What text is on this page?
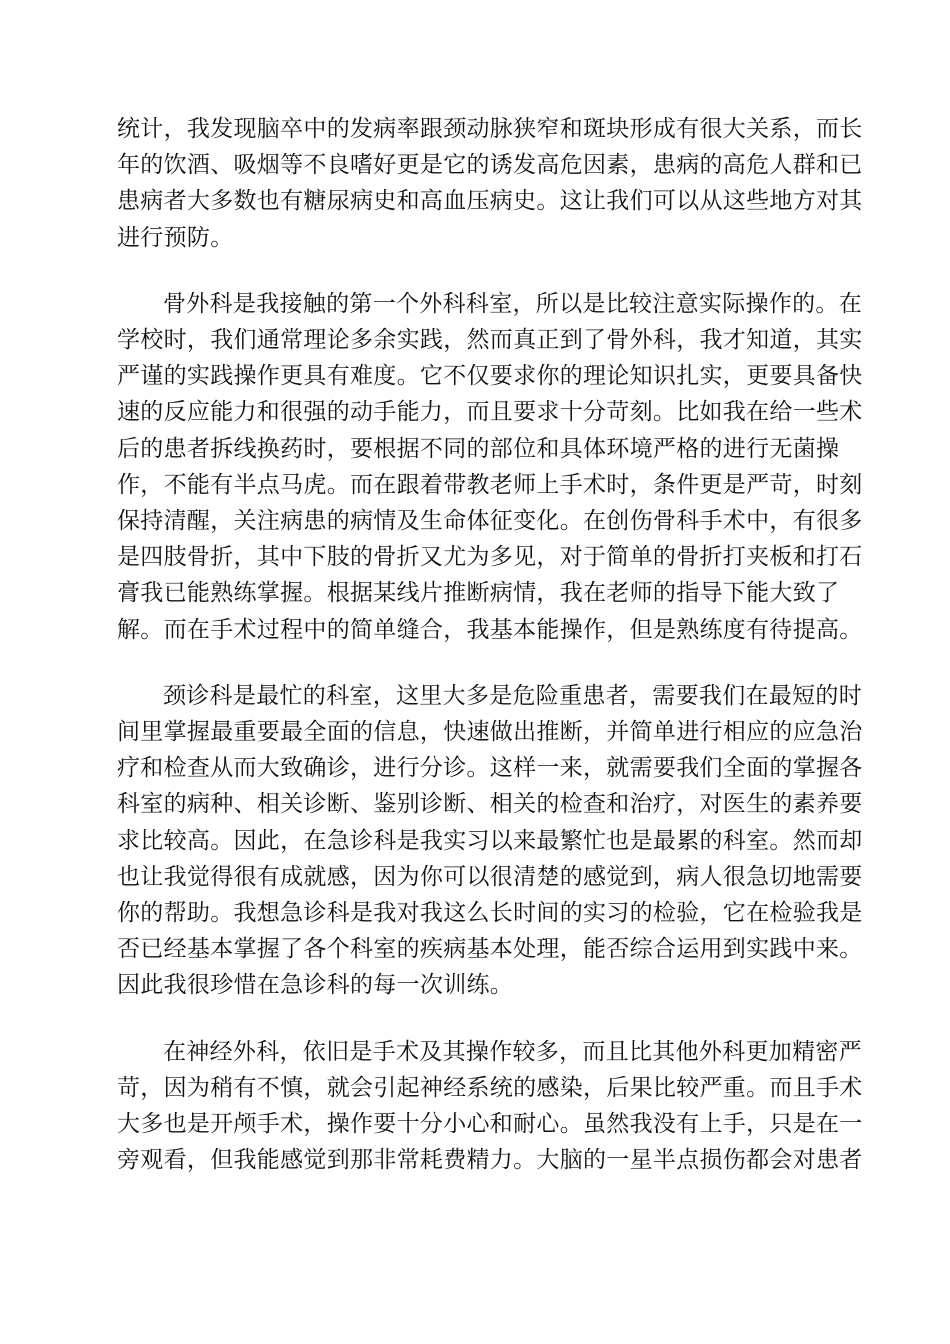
统计，我发现脑卒中的发病率跟颈动脉狭窄和斑块形成有很大关系，而长
年的饮酒、吸烟等不良嗜好更是它的诱发高危因素，患病的高危人群和已
患病者大多数也有糖尿病史和高血压病史。这让我们可以从这些地方对其
进行预防。

骨外科是我接触的第一个外科科室，所以是比较注意实际操作的。在
学校时，我们通常理论多余实践，然而真正到了骨外科，我才知道，其实
严谨的实践操作更具有难度。它不仅要求你的理论知识扎实，更要具备快
速的反应能力和很强的动手能力，而且要求十分苛刻。比如我在给一些术
后的患者拆线换药时，要根据不同的部位和具体环境严格的进行无菌操
作，不能有半点马虎。而在跟着带教老师上手术时，条件更是严苛，时刻
保持清醒，关注病患的病情及生命体征变化。在创伤骨科手术中，有很多
是四肢骨折，其中下肢的骨折又尤为多见，对于简单的骨折打夹板和打石
膏我已能熟练掌握。根据某线片推断病情，我在老师的指导下能大致了
解。而在手术过程中的简单缝合，我基本能操作，但是熟练度有待提高。

颈诊科是最忙的科室，这里大多是危险重患者，需要我们在最短的时
间里掌握最重要最全面的信息，快速做出推断，并简单进行相应的应急治
疗和检查从而大致确诊，进行分诊。这样一来，就需要我们全面的掌握各
科室的病种、相关诊断、鉴别诊断、相关的检查和治疗，对医生的素养要
求比较高。因此，在急诊科是我实习以来最繁忙也是最累的科室。然而却
也让我觉得很有成就感，因为你可以很清楚的感觉到，病人很急切地需要
你的帮助。我想急诊科是我对我这么长时间的实习的检验，它在检验我是
否已经基本掌握了各个科室的疾病基本处理，能否综合运用到实践中来。
因此我很珍惜在急诊科的每一次训练。

在神经外科，依旧是手术及其操作较多，而且比其他外科更加精密严
苛，因为稍有不慎，就会引起神经系统的感染，后果比较严重。而且手术
大多也是开颅手术，操作要十分小心和耐心。虽然我没有上手，只是在一
旁观看，但我能感觉到那非常耗费精力。大脑的一星半点损伤都会对患者
